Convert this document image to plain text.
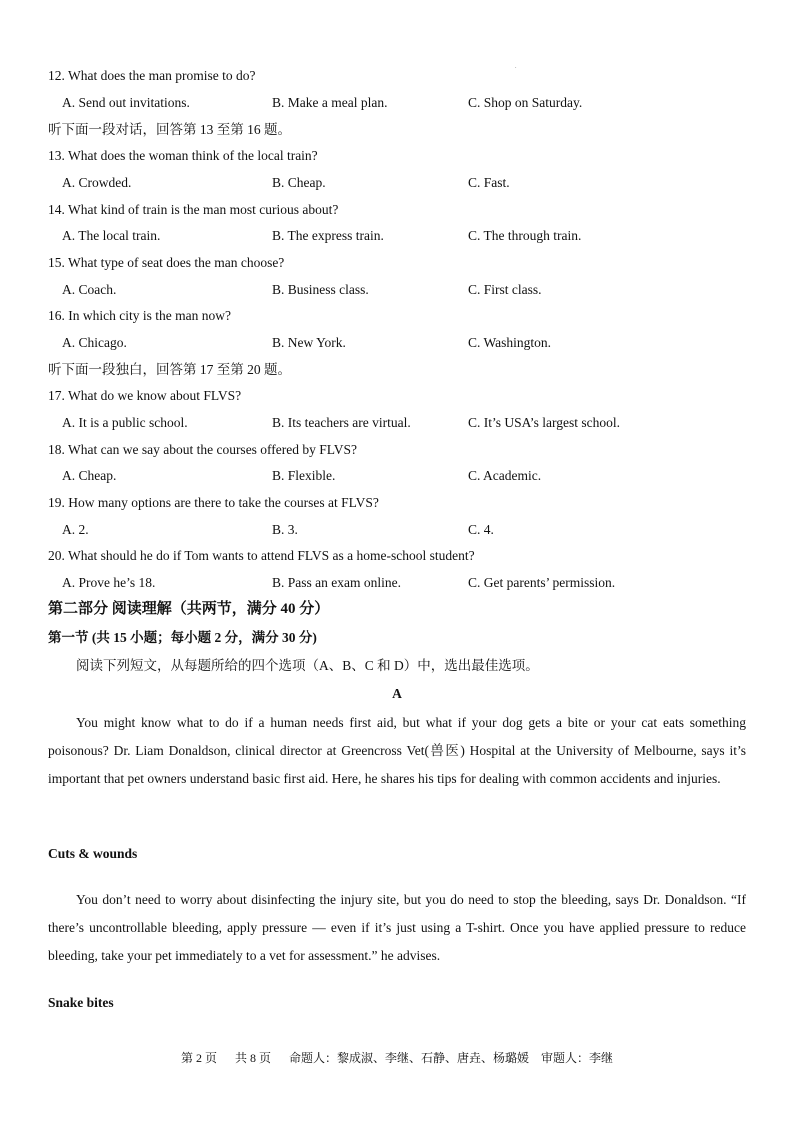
.
12. What does the man promise to do?
A. Send out invitations.	B. Make a meal plan.	C. Shop on Saturday.
听下面一段对话，回答第 13 至第 16 题。
13. What does the woman think of the local train?
A. Crowded.	B. Cheap.	C. Fast.
14. What kind of train is the man most curious about?
A. The local train.	B. The express train.	C. The through train.
15. What type of seat does the man choose?
A. Coach.	B. Business class.	C. First class.
16. In which city is the man now?
A. Chicago.	B. New York.	C. Washington.
听下面一段独白，回答第 17 至第 20 题。
17. What do we know about FLVS?
A. It is a public school.	B. Its teachers are virtual.	C. It’s USA’s largest school.
18. What can we say about the courses offered by FLVS?
A. Cheap.	B. Flexible.	C. Academic.
19. How many options are there to take the courses at FLVS?
A. 2.	B. 3.	C. 4.
20. What should he do if Tom wants to attend FLVS as a home-school student?
A. Prove he’s 18.	B. Pass an exam online.	C. Get parents’ permission.
第二部分 阅读理解（共两节，满分 40 分）
第一节 (共 15 小题；每小题 2 分，满分 30 分)
阅读下列短文，从每题所给的四个选项（A、B、C 和 D）中，选出最佳选项。
A
You might know what to do if a human needs first aid, but what if your dog gets a bite or your cat eats something poisonous? Dr. Liam Donaldson, clinical director at Greencross Vet(兽医) Hospital at the University of Melbourne, says it’s important that pet owners understand basic first aid. Here, he shares his tips for dealing with common accidents and injuries.
Cuts & wounds
You don’t need to worry about disinfecting the injury site, but you do need to stop the bleeding, says Dr. Donaldson. “If there’s uncontrollable bleeding, apply pressure — even if it’s just using a T-shirt. Once you have applied pressure to reduce bleeding, take your pet immediately to a vet for assessment.” he advises.
Snake bites
第 2 页      共 8 页      命题人：黎成淑、李继、石静、唐垚、杨璐媛    审题人：李继
